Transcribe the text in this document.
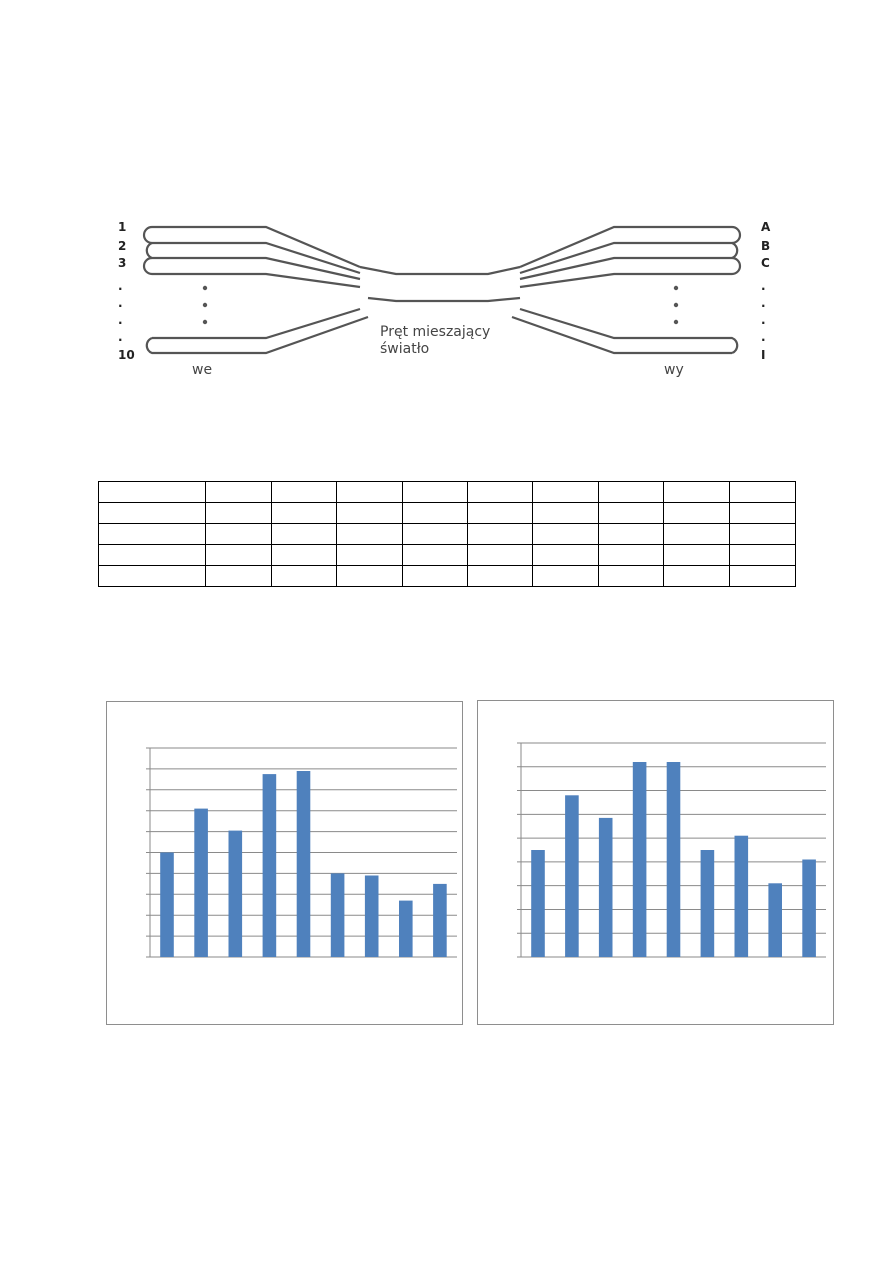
1
2
3
.
.
.
.
10
A
B
C
.
.
.
.
I
we	wy
Pręt mieszający
światło
